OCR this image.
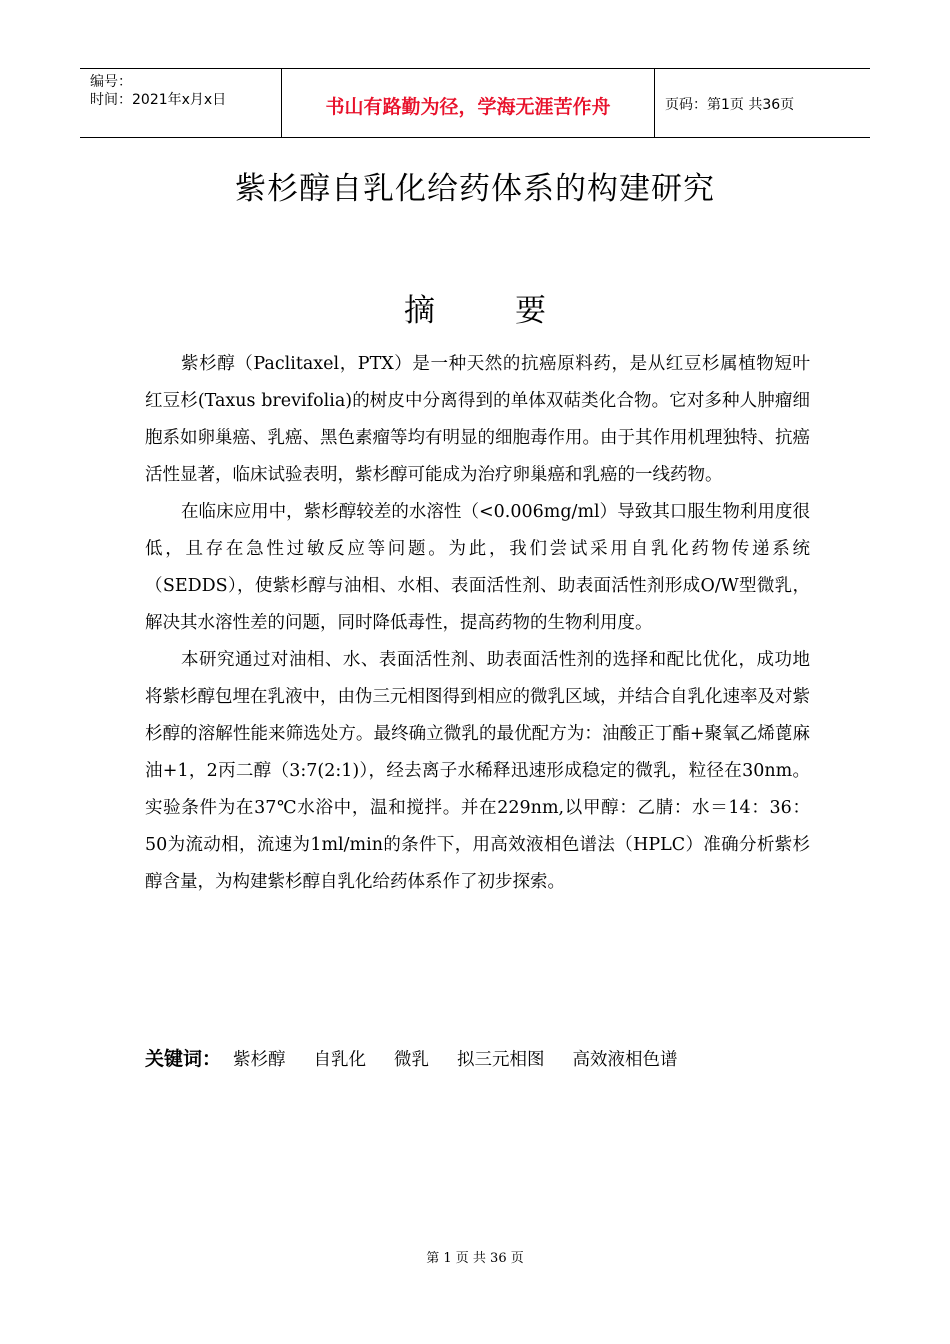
编号：
时间：2021年x月x日	书山有路勤为径，学海无涯苦作舟	页码：第1页 共36页
紫杉醇自乳化给药体系的构建研究
摘	要

紫杉醇（Paclitaxel，PTX）是一种天然的抗癌原料药，是从红豆杉属植物短叶红豆杉(Taxus brevifolia)的树皮中分离得到的单体双萜类化合物。它对多种人肿瘤细胞系如卵巢癌、乳癌、黑色素瘤等均有明显的细胞毒作用。由于其作用机理独特、抗癌活性显著，临床试验表明，紫杉醇可能成为治疗卵巢癌和乳癌的一线药物。

在临床应用中，紫杉醇较差的水溶性（<0.006mg/ml）导致其口服生物利用度很低，且存在急性过敏反应等问题。为此，我们尝试采用自乳化药物传递系统（SEDDS），使紫杉醇与油相、水相、表面活性剂、助表面活性剂形成O/W型微乳，解决其水溶性差的问题，同时降低毒性，提高药物的生物利用度。

本研究通过对油相、水、表面活性剂、助表面活性剂的选择和配比优化，成功地将紫杉醇包埋在乳液中，由伪三元相图得到相应的微乳区域，并结合自乳化速率及对紫杉醇的溶解性能来筛选处方。最终确立微乳的最优配方为：油酸正丁酯+聚氧乙烯蓖麻油+1，2丙二醇（3:7(2:1)），经去离子水稀释迅速形成稳定的微乳，粒径在30nm。实验条件为在37℃水浴中，温和搅拌。并在229nm,以甲醇：乙腈：水＝14：36：50为流动相，流速为1ml/min的条件下，用高效液相色谱法（HPLC）准确分析紫杉醇含量，为构建紫杉醇自乳化给药体系作了初步探索。

关键词： 紫杉醇 自乳化 微乳 拟三元相图 高效液相色谱
第 1 页 共 36 页
